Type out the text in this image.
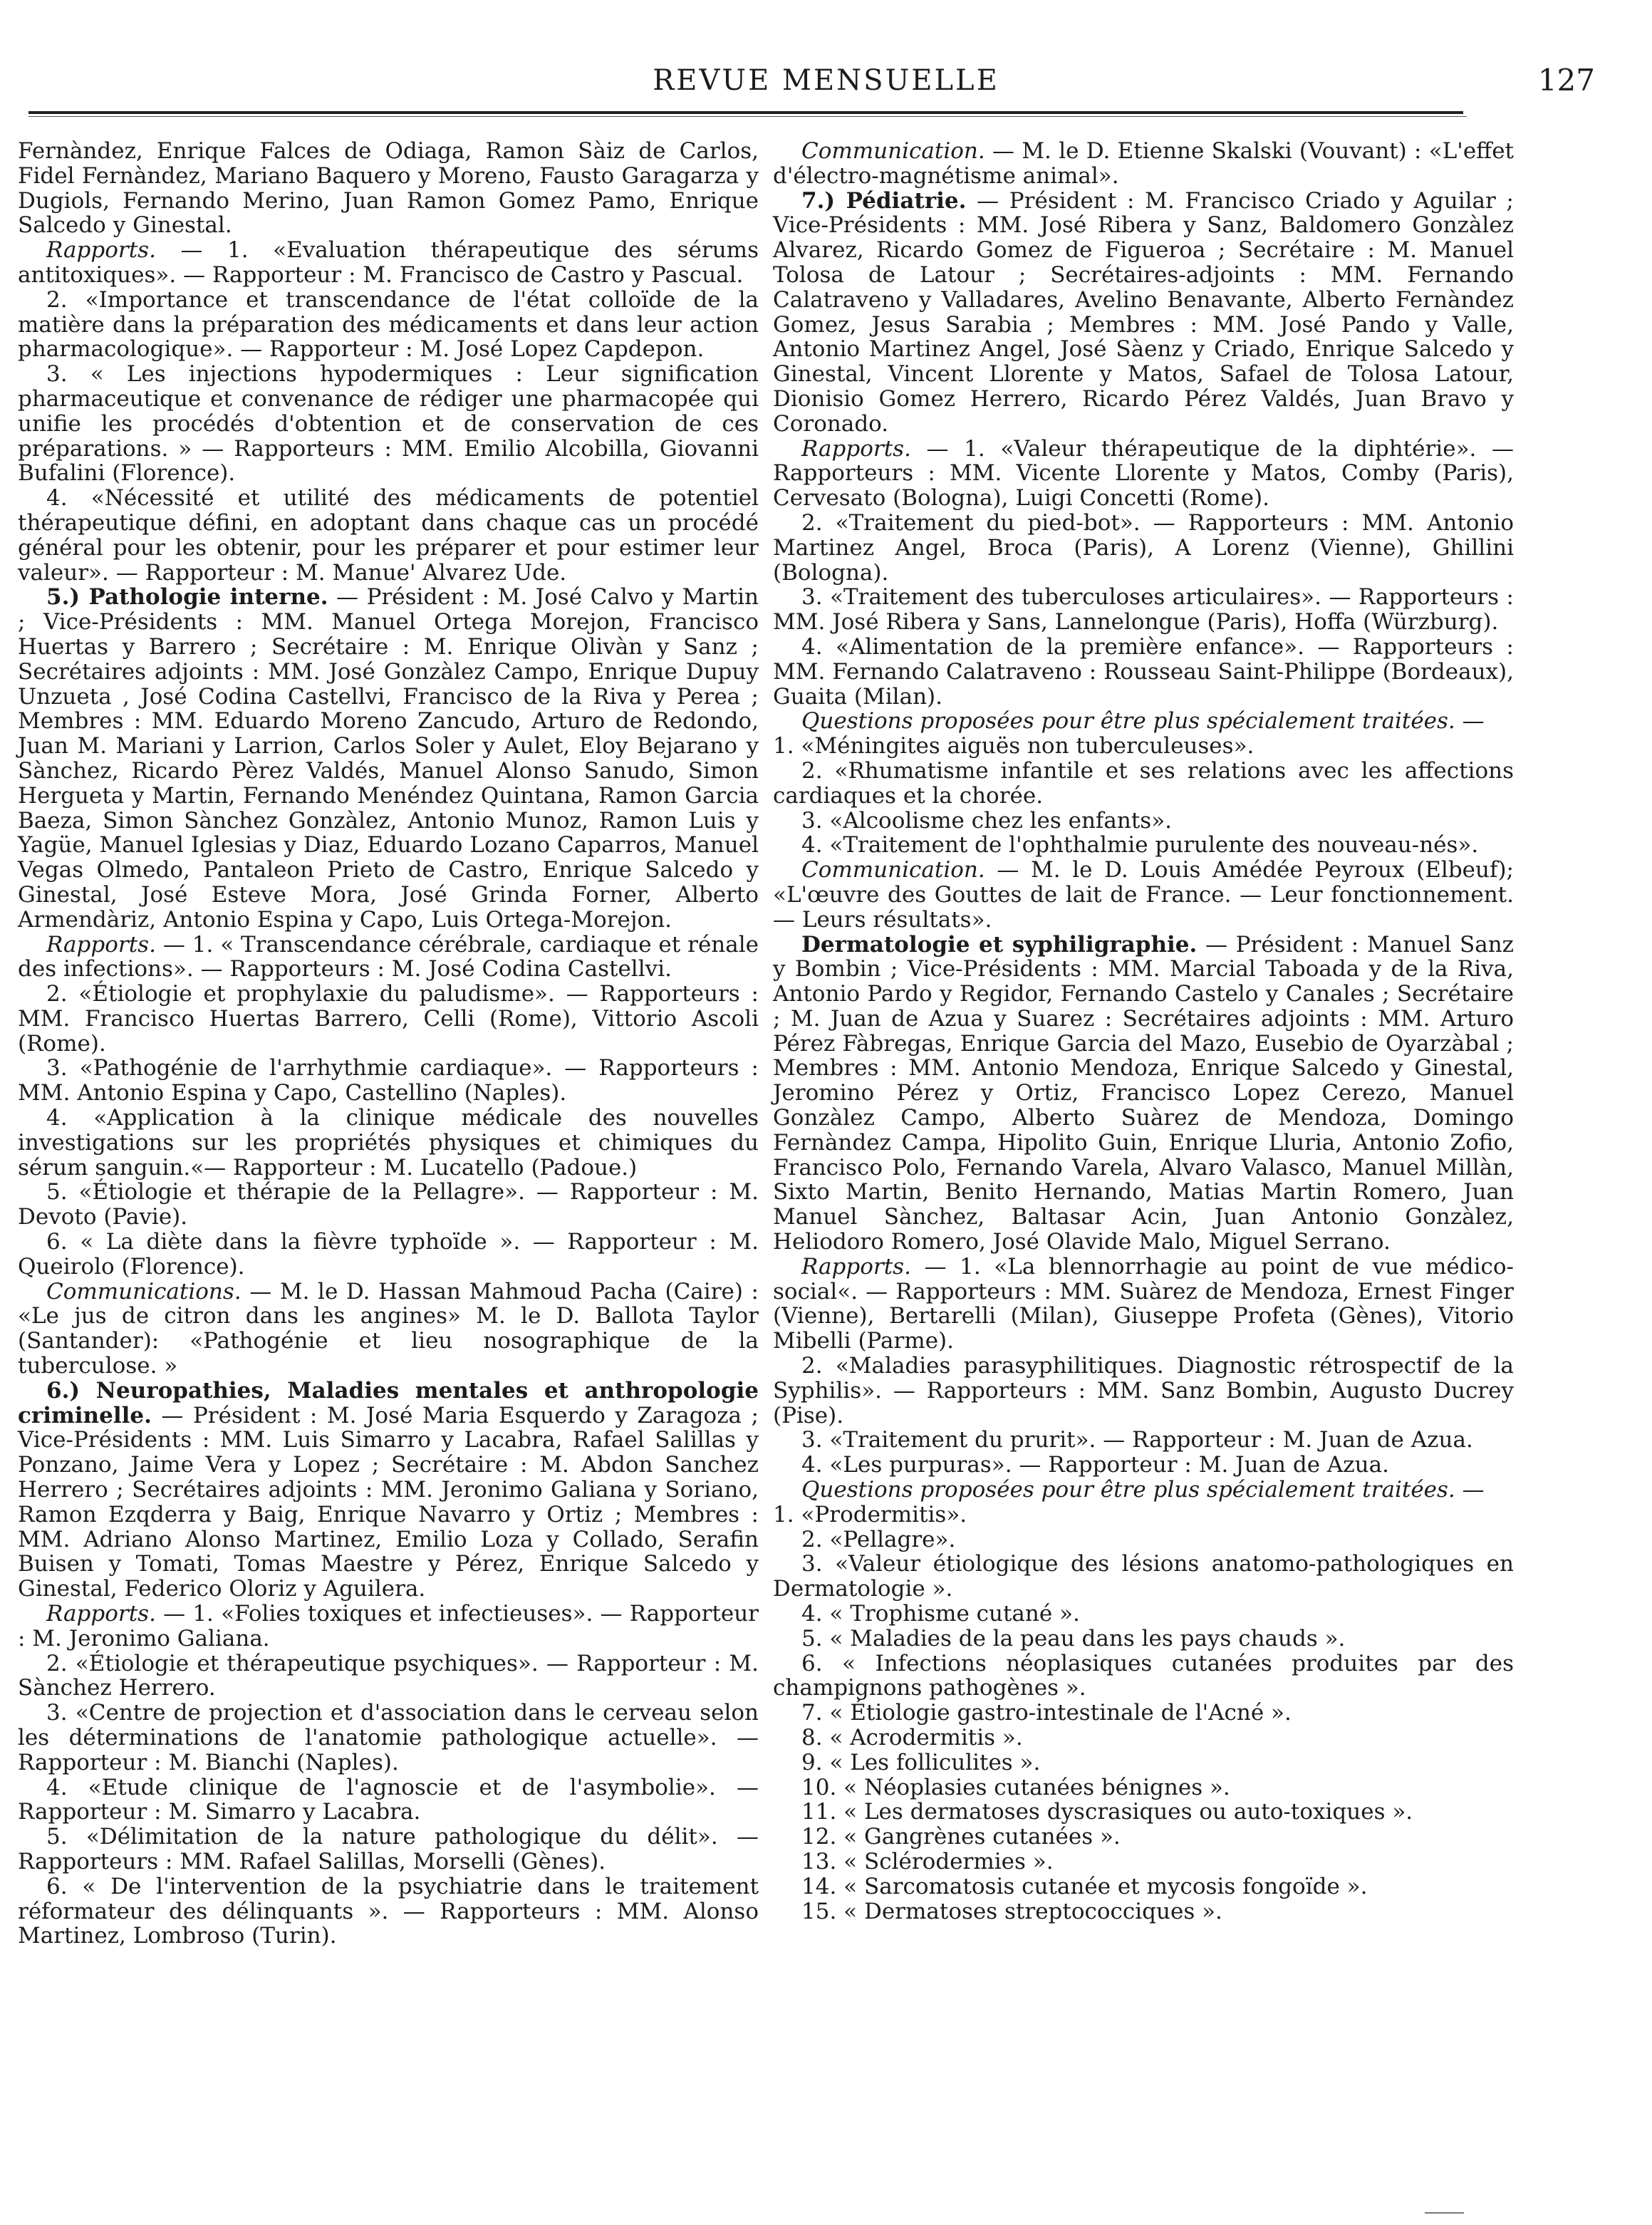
REVUE MENSUELLE	127

Fernàndez, Enrique Falces de Odiaga, Ramon Sàiz de Carlos, Fidel Fernàndez, Mariano Baquero y Moreno, Fausto Garagarza y Dugiols, Fernando Merino, Juan Ramon Gomez Pamo, Enrique Salcedo y Ginestal.

Rapports. — 1. «Evaluation thérapeutique des sérums antitoxiques». — Rapporteur : M. Francisco de Castro y Pascual.

2. «Importance et transcendance de l'état colloïde de la matière dans la préparation des médicaments et dans leur action pharmacologique». — Rapporteur : M. José Lopez Capdepon.

3. « Les injections hypodermiques : Leur signification pharmaceutique et convenance de rédiger une pharmacopée qui unifie les procédés d'obtention et de conservation de ces préparations. » — Rapporteurs : MM. Emilio Alcobilla, Giovanni Bufalini (Florence).

4. «Nécessité et utilité des médicaments de potentiel thérapeutique défini, en adoptant dans chaque cas un procédé général pour les obtenir, pour les préparer et pour estimer leur valeur». — Rapporteur : M. Manue' Alvarez Ude.

5.) Pathologie interne. — Président : M. José Calvo y Martin ; Vice-Présidents : MM. Manuel Ortega Morejon, Francisco Huertas y Barrero ; Secrétaire : M. Enrique Olivàn y Sanz ; Secrétaires adjoints : MM. José Gonzàlez Campo, Enrique Dupuy Unzueta , José Codina Castellvi, Francisco de la Riva y Perea ; Membres : MM. Eduardo Moreno Zancudo, Arturo de Redondo, Juan M. Mariani y Larrion, Carlos Soler y Aulet, Eloy Bejarano y Sànchez, Ricardo Pèrez Valdés, Manuel Alonso Sanudo, Simon Hergueta y Martin, Fernando Menéndez Quintana, Ramon Garcia Baeza, Simon Sànchez Gonzàlez, Antonio Munoz, Ramon Luis y Yagüe, Manuel Iglesias y Diaz, Eduardo Lozano Caparros, Manuel Vegas Olmedo, Pantaleon Prieto de Castro, Enrique Salcedo y Ginestal, José Esteve Mora, José Grinda Forner, Alberto Armendàriz, Antonio Espina y Capo, Luis Ortega-Morejon.

Rapports. — 1. « Transcendance cérébrale, cardiaque et rénale des infections». — Rapporteurs : M. José Codina Castellvi.

2. «Étiologie et prophylaxie du paludisme». — Rapporteurs : MM. Francisco Huertas Barrero, Celli (Rome), Vittorio Ascoli (Rome).

3. «Pathogénie de l'arrhythmie cardiaque». — Rapporteurs : MM. Antonio Espina y Capo, Castellino (Naples).

4. «Application à la clinique médicale des nouvelles investigations sur les propriétés physiques et chimiques du sérum sanguin.«— Rapporteur : M. Lucatello (Padoue.)

5. «Étiologie et thérapie de la Pellagre». — Rapporteur : M. Devoto (Pavie).

6. « La diète dans la fièvre typhoïde ». — Rapporteur : M. Queirolo (Florence).

Communications. — M. le D. Hassan Mahmoud Pacha (Caire) : «Le jus de citron dans les angines» M. le D. Ballota Taylor (Santander): «Pathogénie et lieu nosographique de la tuberculose. »

6.) Neuropathies, Maladies mentales et anthropologie criminelle. — Président : M. José Maria Esquerdo y Zaragoza ; Vice-Présidents : MM. Luis Simarro y Lacabra, Rafael Salillas y Ponzano, Jaime Vera y Lopez ; Secrétaire : M. Abdon Sanchez Herrero ; Secrétaires adjoints : MM. Jeronimo Galiana y Soriano, Ramon Ezqderra y Baig, Enrique Navarro y Ortiz ; Membres : MM. Adriano Alonso Martinez, Emilio Loza y Collado, Serafin Buisen y Tomati, Tomas Maestre y Pérez, Enrique Salcedo y Ginestal, Federico Oloriz y Aguilera.

Rapports. — 1. «Folies toxiques et infectieuses». — Rapporteur : M. Jeronimo Galiana.

2. «Étiologie et thérapeutique psychiques». — Rapporteur : M. Sànchez Herrero.

3. «Centre de projection et d'association dans le cerveau selon les déterminations de l'anatomie pathologique actuelle». — Rapporteur : M. Bianchi (Naples).

4. «Etude clinique de l'agnoscie et de l'asymbolie». — Rapporteur : M. Simarro y Lacabra.

5. «Délimitation de la nature pathologique du délit». — Rapporteurs : MM. Rafael Salillas, Morselli (Gènes).

6. « De l'intervention de la psychiatrie dans le traitement réformateur des délinquants ». — Rapporteurs : MM. Alonso Martinez, Lombroso (Turin).

Communication. — M. le D. Etienne Skalski (Vouvant) : «L'effet d'électro-magnétisme animal».

7.) Pédiatrie. — Président : M. Francisco Criado y Aguilar ; Vice-Présidents : MM. José Ribera y Sanz, Baldomero Gonzàlez Alvarez, Ricardo Gomez de Figueroa ; Secrétaire : M. Manuel Tolosa de Latour ; Secrétaires-adjoints : MM. Fernando Calatraveno y Valladares, Avelino Benavante, Alberto Fernàndez Gomez, Jesus Sarabia ; Membres : MM. José Pando y Valle, Antonio Martinez Angel, José Sàenz y Criado, Enrique Salcedo y Ginestal, Vincent Llorente y Matos, Safael de Tolosa Latour, Dionisio Gomez Herrero, Ricardo Pérez Valdés, Juan Bravo y Coronado.

Rapports. — 1. «Valeur thérapeutique de la diphtérie». — Rapporteurs : MM. Vicente Llorente y Matos, Comby (Paris), Cervesato (Bologna), Luigi Concetti (Rome).

2. «Traitement du pied-bot». — Rapporteurs : MM. Antonio Martinez Angel, Broca (Paris), A Lorenz (Vienne), Ghillini (Bologna).

3. «Traitement des tuberculoses articulaires». — Rapporteurs : MM. José Ribera y Sans, Lannelongue (Paris), Hoffa (Würzburg).

4. «Alimentation de la première enfance». — Rapporteurs : MM. Fernando Calatraveno : Rousseau Saint-Philippe (Bordeaux), Guaita (Milan).

Questions proposées pour être plus spécialement traitées. —

1. «Méningites aiguës non tuberculeuses».

2. «Rhumatisme infantile et ses relations avec les affections cardiaques et la chorée.

3. «Alcoolisme chez les enfants».

4. «Traitement de l'ophthalmie purulente des nouveau-nés».

Communication. — M. le D. Louis Amédée Peyroux (Elbeuf); «L'œuvre des Gouttes de lait de France. — Leur fonctionnement. — Leurs résultats».

Dermatologie et syphiligraphie. — Président : Manuel Sanz y Bombin ; Vice-Présidents : MM. Marcial Taboada y de la Riva, Antonio Pardo y Regidor, Fernando Castelo y Canales ; Secrétaire ; M. Juan de Azua y Suarez : Secrétaires adjoints : MM. Arturo Pérez Fàbregas, Enrique Garcia del Mazo, Eusebio de Oyarzàbal ; Membres : MM. Antonio Mendoza, Enrique Salcedo y Ginestal, Jeromino Pérez y Ortiz, Francisco Lopez Cerezo, Manuel Gonzàlez Campo, Alberto Suàrez de Mendoza, Domingo Fernàndez Campa, Hipolito Guin, Enrique Lluria, Antonio Zofio, Francisco Polo, Fernando Varela, Alvaro Valasco, Manuel Millàn, Sixto Martin, Benito Hernando, Matias Martin Romero, Juan Manuel Sànchez, Baltasar Acin, Juan Antonio Gonzàlez, Heliodoro Romero, José Olavide Malo, Miguel Serrano.

Rapports. — 1. «La blennorrhagie au point de vue médico-social«. — Rapporteurs : MM. Suàrez de Mendoza, Ernest Finger (Vienne), Bertarelli (Milan), Giuseppe Profeta (Gènes), Vitorio Mibelli (Parme).

2. «Maladies parasyphilitiques. Diagnostic rétrospectif de la Syphilis». — Rapporteurs : MM. Sanz Bombin, Augusto Ducrey (Pise).

3. «Traitement du prurit». — Rapporteur : M. Juan de Azua.

4. «Les purpuras». — Rapporteur : M. Juan de Azua.

Questions proposées pour être plus spécialement traitées. —

1. «Prodermitis».

2. «Pellagre».

3. «Valeur étiologique des lésions anatomo-pathologiques en Dermatologie ».

4. « Trophisme cutané ».

5. « Maladies de la peau dans les pays chauds ».

6. « Infections néoplasiques cutanées produites par des champignons pathogènes ».

7. « Étiologie gastro-intestinale de l'Acné ».

8. « Acrodermitis ».

9. « Les folliculites ».

10. « Néoplasies cutanées bénignes ».

11. « Les dermatoses dyscrasiques ou auto-toxiques ».

12. « Gangrènes cutanées ».

13. « Sclérodermies ».

14. « Sarcomatosis cutanée et mycosis fongoïde ».

15. « Dermatoses streptococciques ».
